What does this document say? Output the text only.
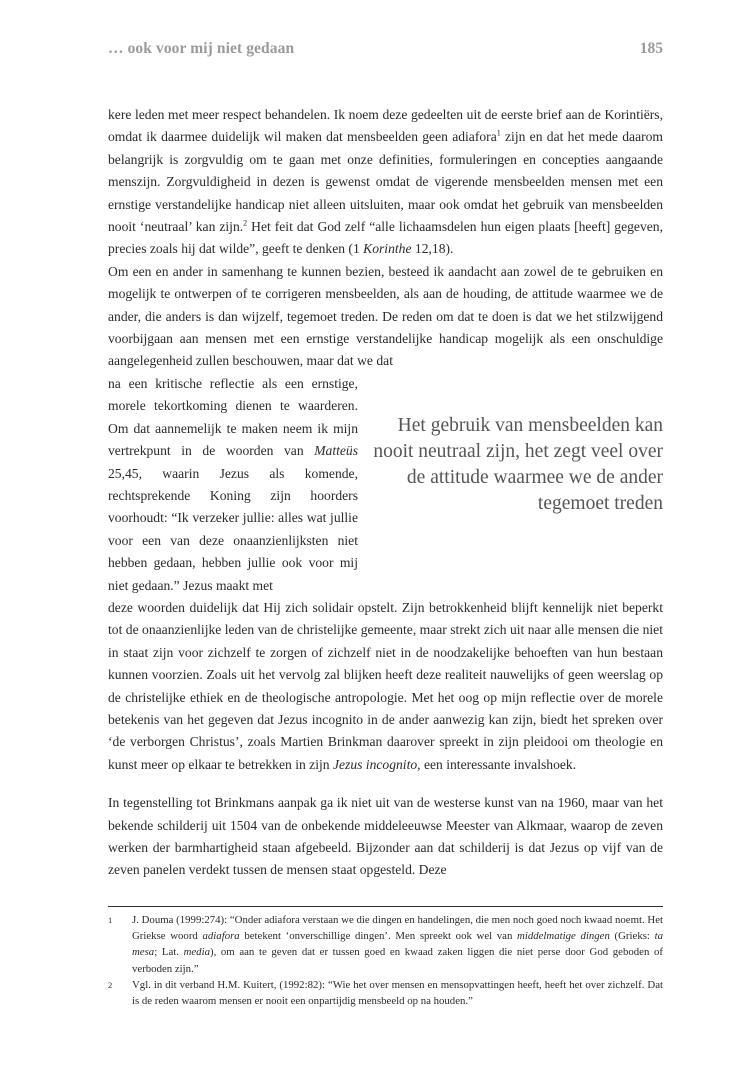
… ook voor mij niet gedaan	185

kere leden met meer respect behandelen. Ik noem deze gedeelten uit de eerste brief aan de Korintiërs, omdat ik daarmee duidelijk wil maken dat mensbeelden geen adiafora$^1$ zijn en dat het mede daarom belangrijk is zorgvuldig om te gaan met onze definities, formuleringen en concepties aangaande menszijn. Zorgvuldigheid in dezen is gewenst omdat de vigerende mensbeelden mensen met een ernstige verstandelijke handicap niet alleen uitsluiten, maar ook omdat het gebruik van mensbeelden nooit ‘neutraal’ kan zijn.$^2$ Het feit dat God zelf “alle lichaamsdelen hun eigen plaats [heeft] gegeven, precies zoals hij dat wilde”, geeft te denken (1 Korinthe 12,18).

Om een en ander in samenhang te kunnen bezien, besteed ik aandacht aan zowel de te gebruiken en mogelijk te ontwerpen of te corrigeren mensbeelden, als aan de houding, de attitude waarmee we de ander, die anders is dan wijzelf, tegemoet treden. De reden om dat te doen is dat we het stilzwijgend voorbijgaan aan mensen met een ernstige verstandelijke handicap mogelijk als een onschuldige aangelegenheid zullen beschouwen, maar dat we dat

na een kritische reflectie als een ernstige, morele tekortkoming dienen te waarderen. Om dat aannemelijk te maken neem ik mijn vertrekpunt in de woorden van Matteüs 25,45, waarin Jezus als komende, rechtsprekende Koning zijn hoorders voorhoudt: “Ik verzeker jullie: alles wat jullie voor een van deze onaanzienlijksten niet hebben gedaan, hebben jullie ook voor mij niet gedaan.” Jezus maakt met

Het gebruik van mensbeelden kan nooit neutraal zijn, het zegt veel over de attitude waarmee we de ander tegemoet treden

deze woorden duidelijk dat Hij zich solidair opstelt. Zijn betrokkenheid blijft kennelijk niet beperkt tot de onaanzienlijke leden van de christelijke gemeente, maar strekt zich uit naar alle mensen die niet in staat zijn voor zichzelf te zorgen of zichzelf niet in de noodzakelijke behoeften van hun bestaan kunnen voorzien. Zoals uit het vervolg zal blijken heeft deze realiteit nauwelijks of geen weerslag op de christelijke ethiek en de theologische antropologie. Met het oog op mijn reflectie over de morele betekenis van het gegeven dat Jezus incognito in de ander aanwezig kan zijn, biedt het spreken over ‘de verborgen Christus’, zoals Martien Brinkman daarover spreekt in zijn pleidooi om theologie en kunst meer op elkaar te betrekken in zijn Jezus incognito, een interessante invalshoek.

In tegenstelling tot Brinkmans aanpak ga ik niet uit van de westerse kunst van na 1960, maar van het bekende schilderij uit 1504 van de onbekende middeleeuwse Meester van Alkmaar, waarop de zeven werken der barmhartigheid staan afgebeeld. Bijzonder aan dat schilderij is dat Jezus op vijf van de zeven panelen verdekt tussen de mensen staat opgesteld. Deze

1 J. Douma (1999:274): “Onder adiafora verstaan we die dingen en handelingen, die men noch goed noch kwaad noemt. Het Griekse woord adiafora betekent ‘onverschillige dingen’. Men spreekt ook wel van middelmatige dingen (Grieks: ta mesa; Lat. media), om aan te geven dat er tussen goed en kwaad zaken liggen die niet perse door God geboden of verboden zijn.”
2 Vgl. in dit verband H.M. Kuitert, (1992:82): “Wie het over mensen en mensopvattingen heeft, heeft het over zichzelf. Dat is de reden waarom mensen er nooit een onpartijdig mensbeeld op na houden.”
